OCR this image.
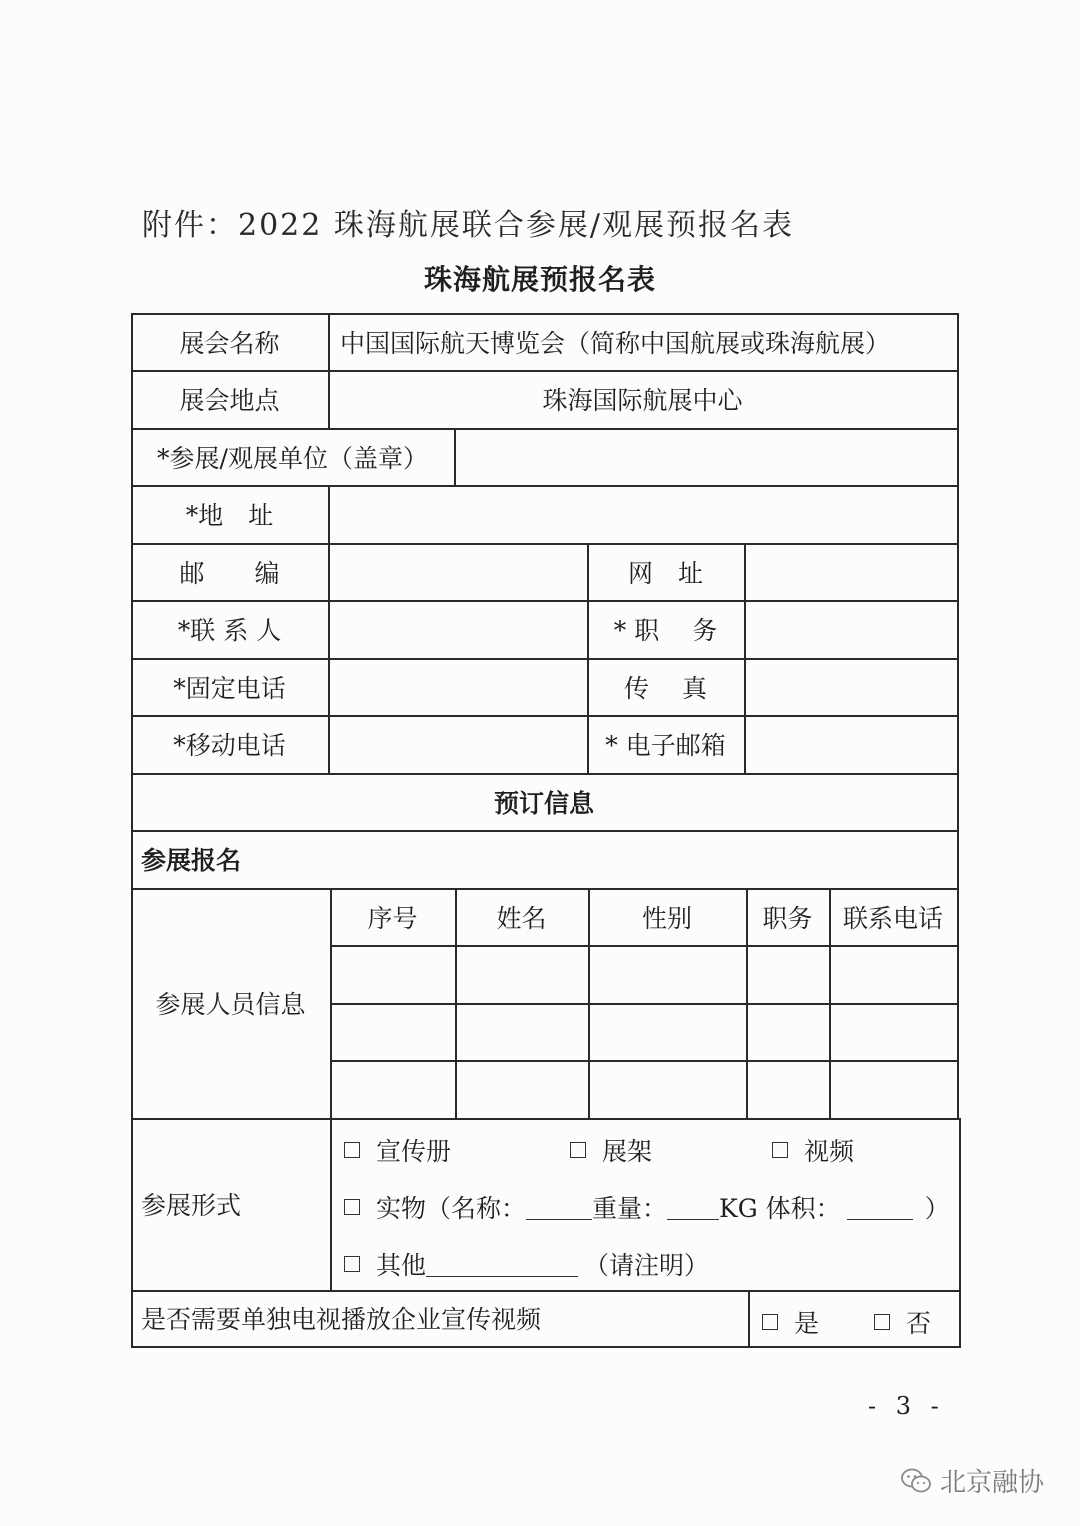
附件：2022 珠海航展联合参展/观展预报名表
珠海航展预报名表
展会名称	中国国际航天博览会（简称中国航展或珠海航展）
展会地点	珠海国际航展中心
*参展/观展单位（盖章）
*地　址
邮　　编	网　址
*联 系 人	* 职　 务
*固定电话	传　 真
*移动电话	* 电子邮箱
预订信息
参展报名
参展人员信息
序号	姓名	性别	职务	联系电话
参展形式
宣传册	展架	视频
实物（名称：	重量： KG 体积：	）
其他	（请注明）
是否需要单独电视播放企业宣传视频	是	否
- 3 -
北京融协
